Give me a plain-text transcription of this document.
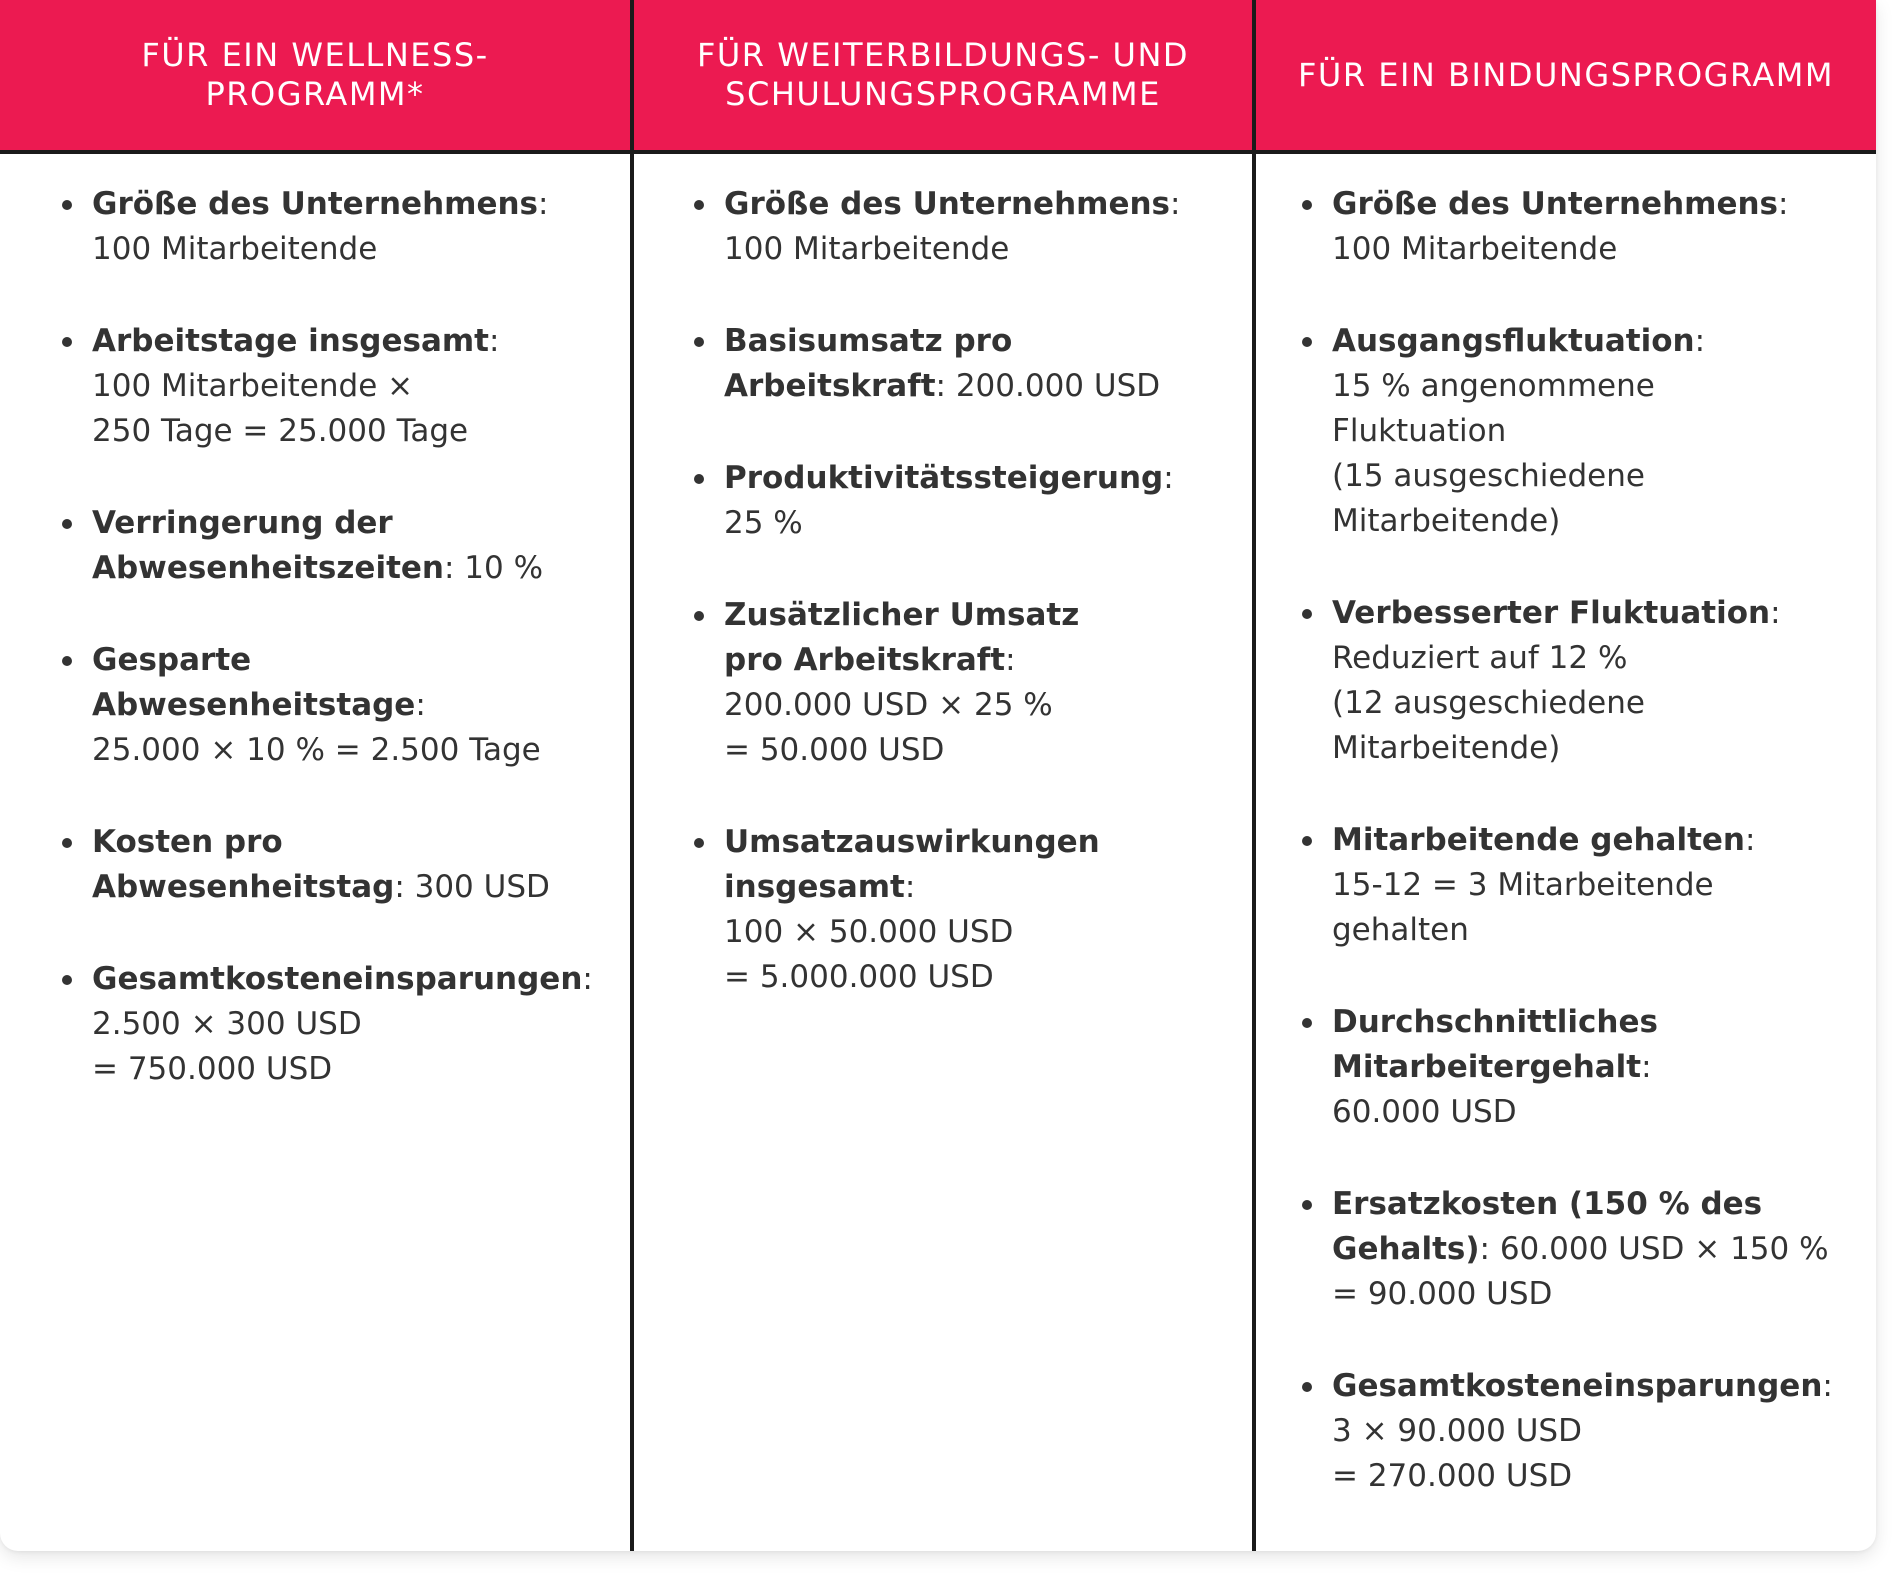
FÜR EIN WELLNESS-
PROGRAMM*
FÜR WEITERBILDUNGS- UND
SCHULUNGSPROGRAMME
FÜR EIN BINDUNGSPROGRAMM
Größe des Unternehmens:
100 Mitarbeitende
Arbeitstage insgesamt:
100 Mitarbeitende ×
250 Tage = 25.000 Tage
Verringerung der
Abwesenheitszeiten: 10 %
Gesparte
Abwesenheitstage:
25.000 × 10 % = 2.500 Tage
Kosten pro
Abwesenheitstag: 300 USD
Gesamtkosteneinsparungen:
2.500 × 300 USD
= 750.000 USD
Größe des Unternehmens:
100 Mitarbeitende
Basisumsatz pro
Arbeitskraft: 200.000 USD
Produktivitätssteigerung:
25 %
Zusätzlicher Umsatz
pro Arbeitskraft:
200.000 USD × 25 %
= 50.000 USD
Umsatzauswirkungen
insgesamt:
100 × 50.000 USD
= 5.000.000 USD
Größe des Unternehmens:
100 Mitarbeitende
Ausgangsfluktuation:
15 % angenommene
Fluktuation
(15 ausgeschiedene
Mitarbeitende)
Verbesserter Fluktuation:
Reduziert auf 12 %
(12 ausgeschiedene
Mitarbeitende)
Mitarbeitende gehalten:
15-12 = 3 Mitarbeitende
gehalten
Durchschnittliches
Mitarbeitergehalt:
60.000 USD
Ersatzkosten (150 % des
Gehalts): 60.000 USD × 150 %
= 90.000 USD
Gesamtkosteneinsparungen:
3 × 90.000 USD
= 270.000 USD
